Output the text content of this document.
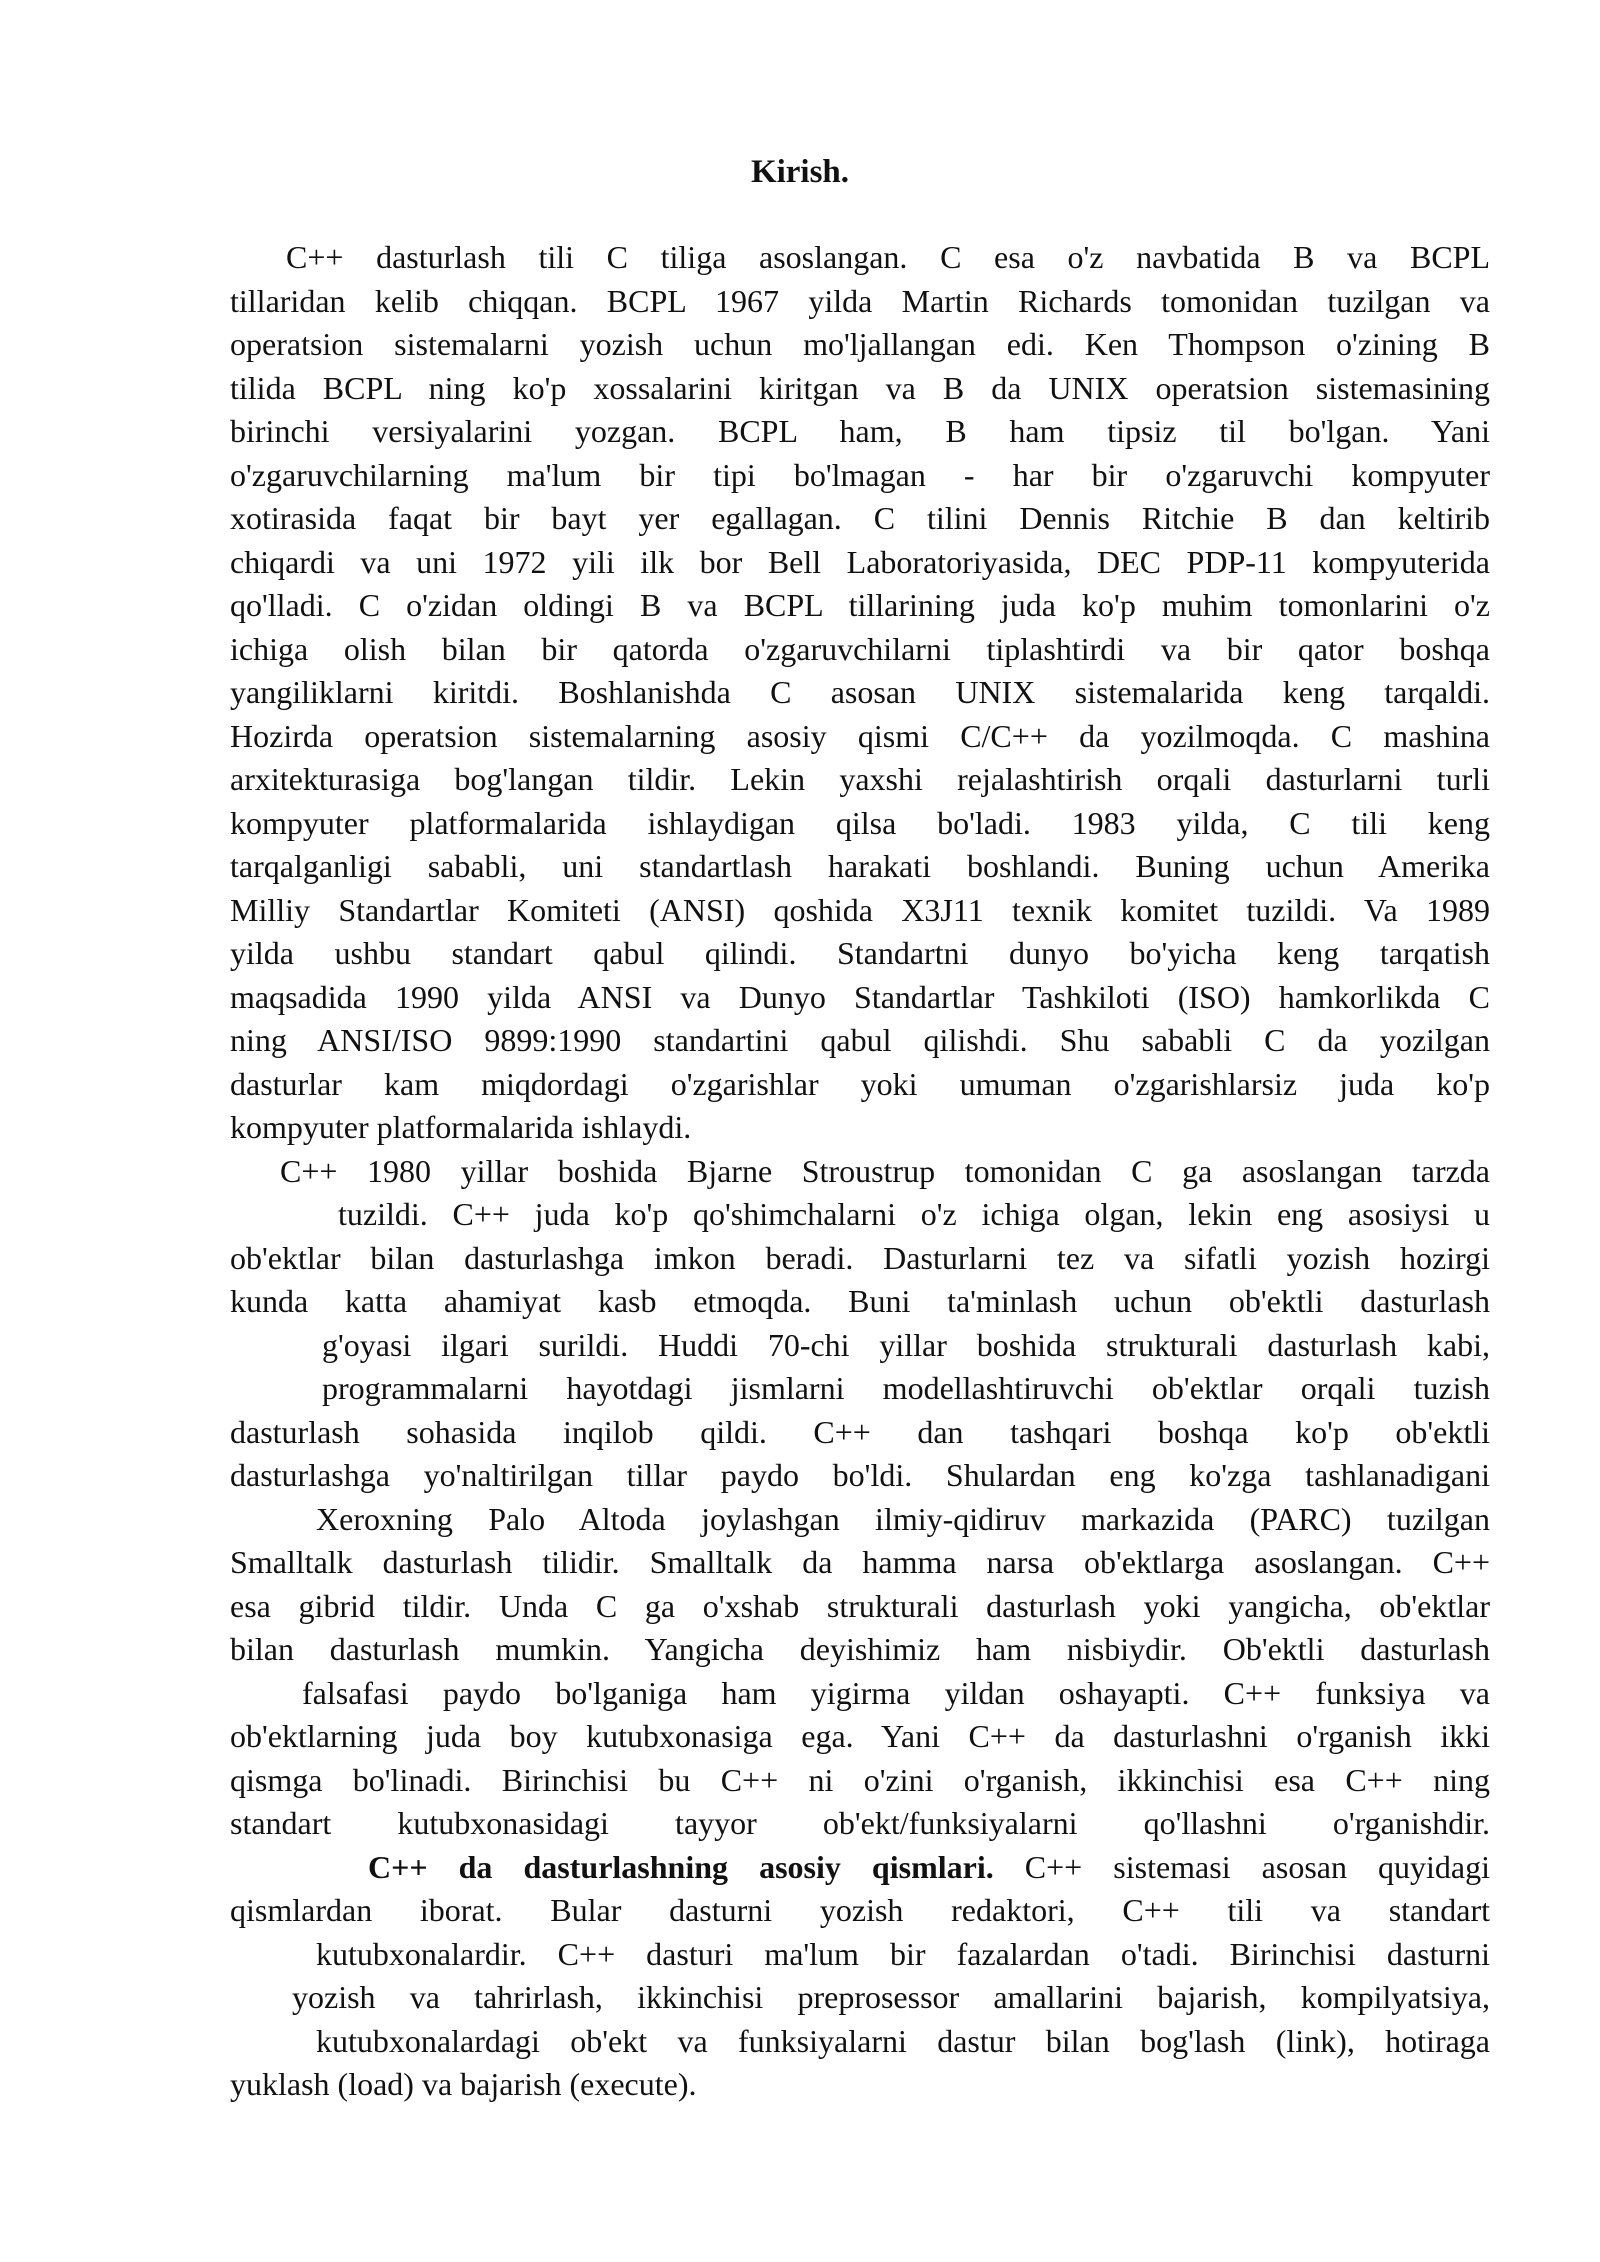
Kirish.

C++ dasturlash tili C tiliga asoslangan. C esa o'z navbatida B va BCPL
tillaridan kelib chiqqan. BCPL 1967 yilda Martin Richards tomonidan tuzilgan va
operatsion sistemalarni yozish uchun mo'ljallangan edi. Ken Thompson o'zining B
tilida BCPL ning ko'p xossalarini kiritgan va B da UNIX operatsion sistemasining
birinchi versiyalarini yozgan. BCPL ham, B ham tipsiz til bo'lgan. Yani
o'zgaruvchilarning ma'lum bir tipi bo'lmagan - har bir o'zgaruvchi kompyuter
xotirasida faqat bir bayt yer egallagan. C tilini Dennis Ritchie B dan keltirib
chiqardi va uni 1972 yili ilk bor Bell Laboratoriyasida, DEC PDP-11 kompyuterida
qo'lladi. C o'zidan oldingi B va BCPL tillarining juda ko'p muhim tomonlarini o'z
ichiga olish bilan bir qatorda o'zgaruvchilarni tiplashtirdi va bir qator boshqa
yangiliklarni kiritdi. Boshlanishda C asosan UNIX sistemalarida keng tarqaldi.
Hozirda operatsion sistemalarning asosiy qismi C/C++ da yozilmoqda. C mashina
arxitekturasiga bog'langan tildir. Lekin yaxshi rejalashtirish orqali dasturlarni turli
kompyuter platformalarida ishlaydigan qilsa bo'ladi. 1983 yilda, C tili keng
tarqalganligi sababli, uni standartlash harakati boshlandi. Buning uchun Amerika
Milliy Standartlar Komiteti (ANSI) qoshida X3J11 texnik komitet tuzildi. Va 1989
yilda ushbu standart qabul qilindi. Standartni dunyo bo'yicha keng tarqatish
maqsadida 1990 yilda ANSI va Dunyo Standartlar Tashkiloti (ISO) hamkorlikda C
ning ANSI/ISO 9899:1990 standartini qabul qilishdi. Shu sababli C da yozilgan
dasturlar kam miqdordagi o'zgarishlar yoki umuman o'zgarishlarsiz juda ko'p
kompyuter platformalarida ishlaydi.

C++ 1980 yillar boshida Bjarne Stroustrup tomonidan C ga asoslangan tarzda
tuzildi. C++ juda ko'p qo'shimchalarni o'z ichiga olgan, lekin eng asosiysi u
ob'ektlar bilan dasturlashga imkon beradi. Dasturlarni tez va sifatli yozish hozirgi
kunda katta ahamiyat kasb etmoqda. Buni ta'minlash uchun ob'ektli dasturlash
g'oyasi ilgari surildi. Huddi 70-chi yillar boshida strukturali dasturlash kabi,
programmalarni hayotdagi jismlarni modellashtiruvchi ob'ektlar orqali tuzish
dasturlash sohasida inqilob qildi. C++ dan tashqari boshqa ko'p ob'ektli
dasturlashga yo'naltirilgan tillar paydo bo'ldi. Shulardan eng ko'zga tashlanadigani
Xeroxning Palo Altoda joylashgan ilmiy-qidiruv markazida (PARC) tuzilgan
Smalltalk dasturlash tilidir. Smalltalk da hamma narsa ob'ektlarga asoslangan. C++
esa gibrid tildir. Unda C ga o'xshab strukturali dasturlash yoki yangicha, ob'ektlar
bilan dasturlash mumkin. Yangicha deyishimiz ham nisbiydir. Ob'ektli dasturlash
falsafasi paydo bo'lganiga ham yigirma yildan oshayapti. C++ funksiya va
ob'ektlarning juda boy kutubxonasiga ega. Yani C++ da dasturlashni o'rganish ikki
qismga bo'linadi. Birinchisi bu C++ ni o'zini o'rganish, ikkinchisi esa C++ ning
standart kutubxonasidagi tayyor ob'ekt/funksiyalarni qo'llashni o'rganishdir.

C++ da dasturlashning asosiy qismlari. C++ sistemasi asosan quyidagi
qismlardan iborat. Bular dasturni yozish redaktori, C++ tili va standart
kutubxonalardir. C++ dasturi ma'lum bir fazalardan o'tadi. Birinchisi dasturni
yozish va tahrirlash, ikkinchisi preprosessor amallarini bajarish, kompilyatsiya,
kutubxonalardagi ob'ekt va funksiyalarni dastur bilan bog'lash (link), hotiraga
yuklash (load) va bajarish (execute).
